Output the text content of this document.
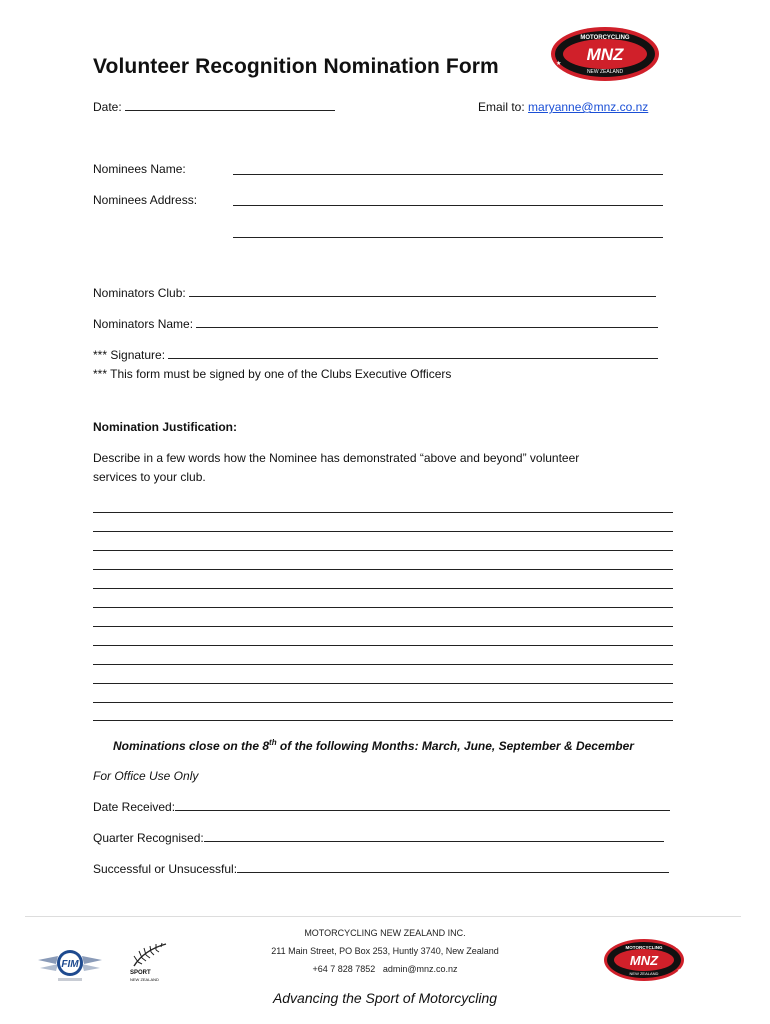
Volunteer Recognition Nomination Form
MOTORCYCLING
MNZ
NEW ZEALAND
★
★
★
Date:	Email to: maryanne@mnz.co.nz
Nominees Name:
Nominees Address:
Nominators Club:
Nominators Name:
*** Signature:
*** This form must be signed by one of the Clubs Executive Officers
Nomination Justification:
Describe in a few words how the Nominee has demonstrated “above and beyond” volunteer
services to your club.
Nominations close on the 8th of the following Months: March, June, September & December
For Office Use Only
Date Received:
Quarter Recognised:
Successful or Unsucessful:
MOTORCYCLING NEW ZEALAND INC.
211 Main Street, PO Box 253, Huntly 3740, New Zealand
+64 7 828 7852 admin@mnz.co.nz
FIM
SPORT
NEW ZEALAND
MOTORCYCLING
MNZ
NEW ZEALAND
★
★
Advancing the Sport of Motorcycling
